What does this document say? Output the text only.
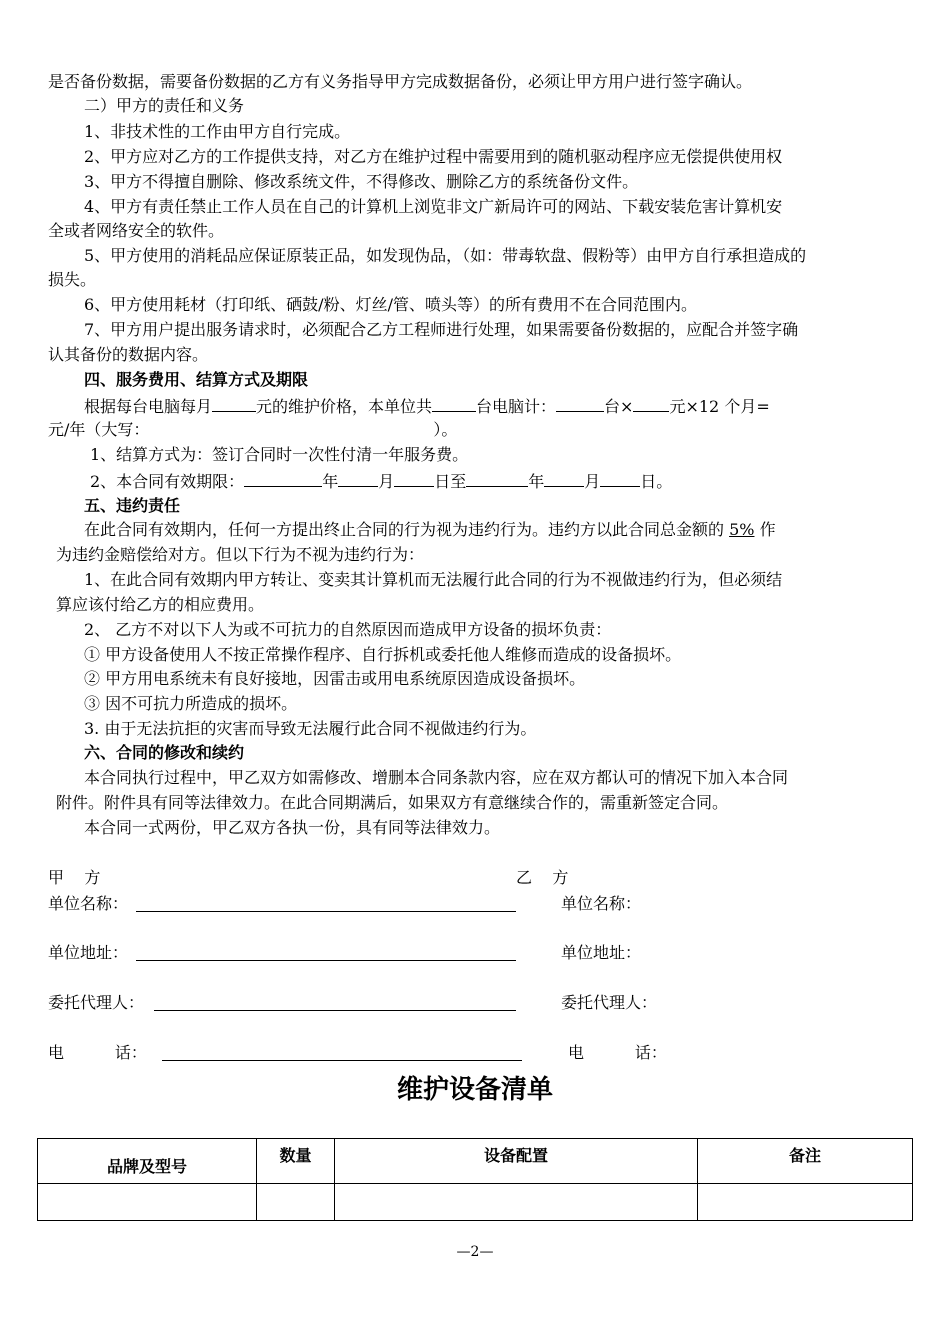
是否备份数据，需要备份数据的乙方有义务指导甲方完成数据备份，必须让甲方用户进行签字确认。

二）甲方的责任和义务

1、非技术性的工作由甲方自行完成。

2、甲方应对乙方的工作提供支持，对乙方在维护过程中需要用到的随机驱动程序应无偿提供使用权

3、甲方不得擅自删除、修改系统文件，不得修改、删除乙方的系统备份文件。

4、甲方有责任禁止工作人员在自己的计算机上浏览非文广新局许可的网站、下载安装危害计算机安

全或者网络安全的软件。

5、甲方使用的消耗品应保证原装正品，如发现伪品，（如：带毒软盘、假粉等）由甲方自行承担造成的

损失。

6、甲方使用耗材（打印纸、硒鼓/粉、灯丝/管、喷头等）的所有费用不在合同范围内。

7、甲方用户提出服务请求时，必须配合乙方工程师进行处理，如果需要备份数据的，应配合并签字确

认其备份的数据内容。

四、服务费用、结算方式及期限

根据每台电脑每月	元的维护价格，本单位共	台电脑计：	台× 元×12 个月=

元/年（大写：	）。

1、结算方式为：签订合同时一次性付清一年服务费。

2、本合同有效期限：	年	月	日至	年	月	日。

五、违约责任

在此合同有效期内，任何一方提出终止合同的行为视为违约行为。违约方以此合同总金额的 5% 作

为违约金赔偿给对方。但以下行为不视为违约行为：

1、在此合同有效期内甲方转让、变卖其计算机而无法履行此合同的行为不视做违约行为，但必须结

算应该付给乙方的相应费用。

2、 乙方不对以下人为或不可抗力的自然原因而造成甲方设备的损坏负责：

① 甲方设备使用人不按正常操作程序、自行拆机或委托他人维修而造成的设备损坏。

② 甲方用电系统未有良好接地，因雷击或用电系统原因造成设备损坏。

③ 因不可抗力所造成的损坏。

3. 由于无法抗拒的灾害而导致无法履行此合同不视做违约行为。

六、合同的修改和续约

本合同执行过程中，甲乙双方如需修改、增删本合同条款内容，应在双方都认可的情况下加入本合同

附件。附件具有同等法律效力。在此合同期满后，如果双方有意继续合作的，需重新签定合同。

本合同一式两份，甲乙双方各执一份，具有同等法律效力。

甲    方	乙    方
单位名称：	单位名称：
单位地址：	单位地址：
委托代理人：	委托代理人：
电          话：	电          话：
维护设备清单
品牌及型号	数量	设备配置	备注

—2—
